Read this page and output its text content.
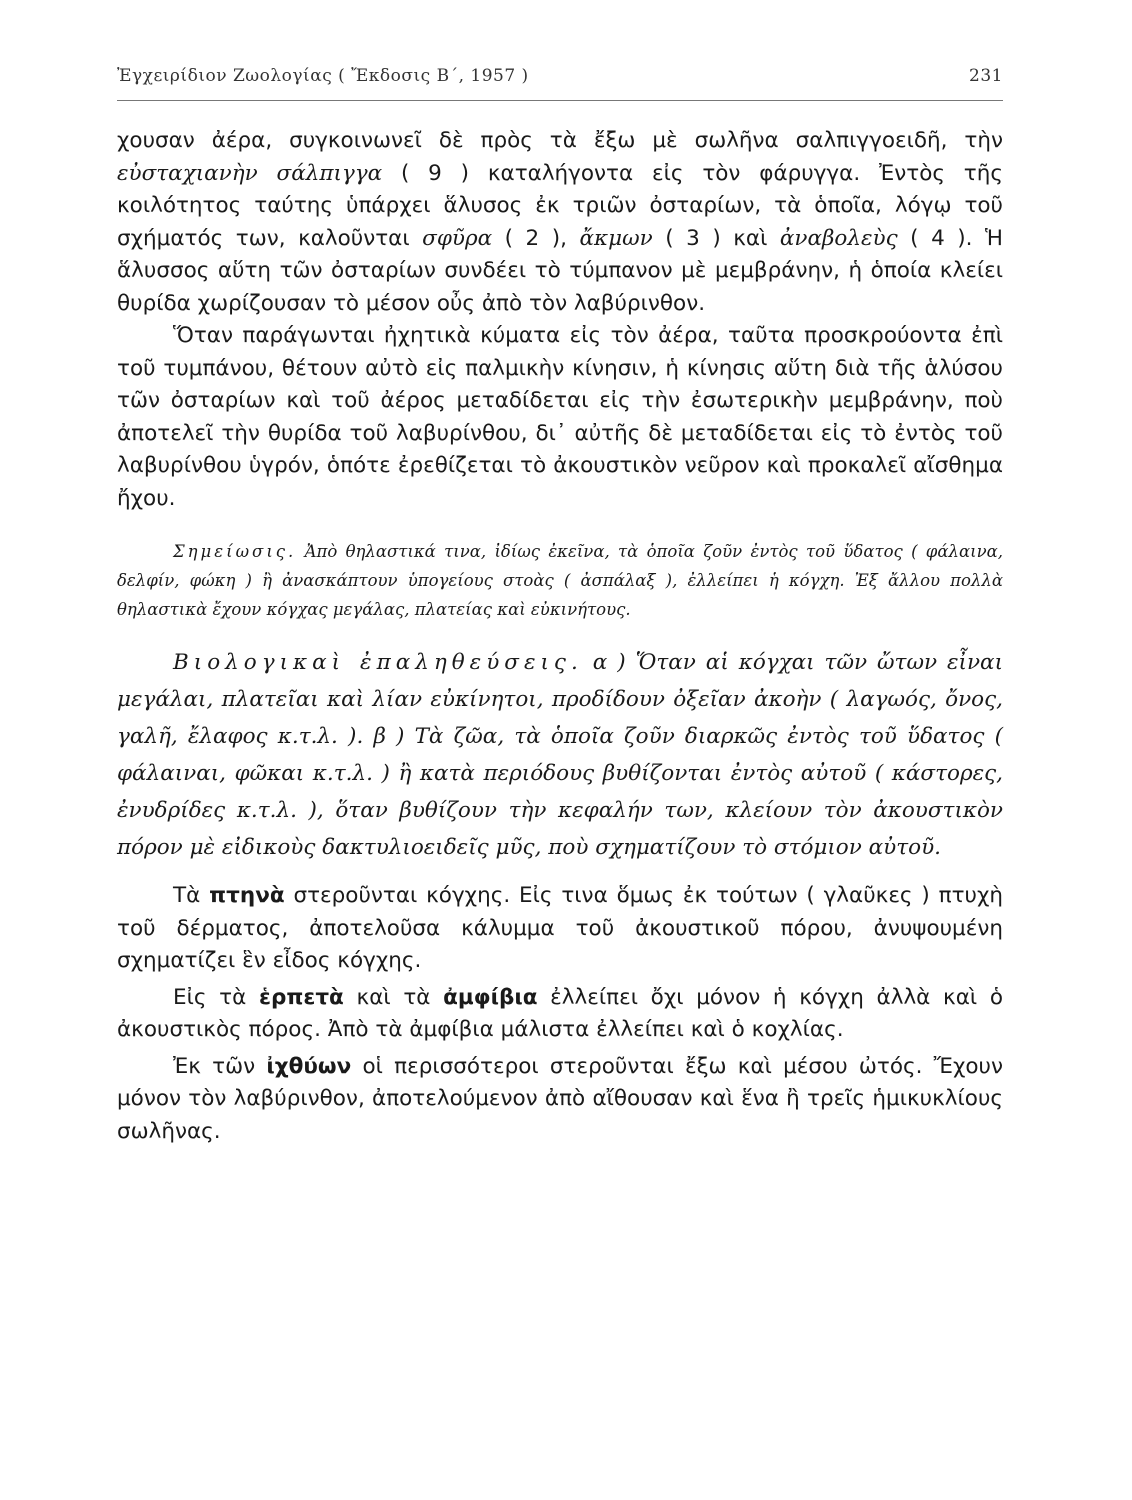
Ἐγχειρίδιον Ζωολογίας ( Ἔκδοσις Β΄, 1957 )	231

χουσαν ἀέρα, συγκοινωνεῖ δὲ πρὸς τὰ ἔξω μὲ σωλῆνα σαλπιγγοειδῆ, τὴν εὐσταχιανὴν σάλπιγγα ( 9 ) καταλήγοντα εἰς τὸν φάρυγγα. Ἐντὸς τῆς κοιλότητος ταύτης ὑπάρχει ἅλυσος ἐκ τριῶν ὀσταρίων, τὰ ὁποῖα, λόγῳ τοῦ σχήματός των, καλοῦνται σφῦρα ( 2 ), ἄκμων ( 3 ) καὶ ἀναβολεὺς ( 4 ). Ἡ ἅλυσσος αὕτη τῶν ὀσταρίων συνδέει τὸ τύμπανον μὲ μεμβράνην, ἡ ὁποία κλείει θυρίδα χωρίζουσαν τὸ μέσον οὖς ἀπὸ τὸν λαβύρινθον.

Ὅταν παράγωνται ἠχητικὰ κύματα εἰς τὸν ἀέρα, ταῦτα προσκρούοντα ἐπὶ τοῦ τυμπάνου, θέτουν αὐτὸ εἰς παλμικὴν κίνησιν, ἡ κίνησις αὕτη διὰ τῆς ἁλύσου τῶν ὀσταρίων καὶ τοῦ ἀέρος μεταδίδεται εἰς τὴν ἐσωτερικὴν μεμβράνην, ποὺ ἀποτελεῖ τὴν θυρίδα τοῦ λαβυρίνθου, δι᾽ αὐτῆς δὲ μεταδίδεται εἰς τὸ ἐντὸς τοῦ λαβυρίνθου ὑγρόν, ὁπότε ἐρεθίζεται τὸ ἀκουστικὸν νεῦρον καὶ προκαλεῖ αἴσθημα ἤχου.

Σημείωσις. Ἀπὸ θηλαστικά τινα, ἰδίως ἐκεῖνα, τὰ ὁποῖα ζοῦν ἐντὸς τοῦ ὕδατος ( φάλαινα, δελφίν, φώκη ) ἢ ἀνασκάπτουν ὑπογείους στοὰς ( ἀσπάλαξ ), ἐλλείπει ἡ κόγχη. Ἐξ ἄλλου πολλὰ θηλαστικὰ ἔχουν κόγχας μεγάλας, πλατείας καὶ εὐκινήτους.

Βιολογικαὶ ἐπαληθεύσεις. α ) Ὅταν αἱ κόγχαι τῶν ὤτων εἶναι μεγάλαι, πλατεῖαι καὶ λίαν εὐκίνητοι, προδίδουν ὀξεῖαν ἀκοὴν ( λαγωός, ὄνος, γαλῆ, ἔλαφος κ.τ.λ. ). β ) Τὰ ζῶα, τὰ ὁποῖα ζοῦν διαρκῶς ἐντὸς τοῦ ὕδατος ( φάλαιναι, φῶκαι κ.τ.λ. ) ἢ κατὰ περιόδους βυθίζονται ἐντὸς αὐτοῦ ( κάστορες, ἐνυδρίδες κ.τ.λ. ), ὅταν βυθίζουν τὴν κεφαλήν των, κλείουν τὸν ἀκουστικὸν πόρον μὲ εἰδικοὺς δακτυλιοειδεῖς μῦς, ποὺ σχηματίζουν τὸ στόμιον αὐτοῦ.

Τὰ πτηνὰ στεροῦνται κόγχης. Εἰς τινα ὅμως ἐκ τούτων ( γλαῦκες ) πτυχὴ τοῦ δέρματος, ἀποτελοῦσα κάλυμμα τοῦ ἀκουστικοῦ πόρου, ἀνυψουμένη σχηματίζει ἓν εἶδος κόγχης.

Εἰς τὰ ἑρπετὰ καὶ τὰ ἀμφίβια ἐλλείπει ὄχι μόνον ἡ κόγχη ἀλλὰ καὶ ὁ ἀκουστικὸς πόρος. Ἀπὸ τὰ ἀμφίβια μάλιστα ἐλλείπει καὶ ὁ κοχλίας.

Ἐκ τῶν ἰχθύων οἱ περισσότεροι στεροῦνται ἔξω καὶ μέσου ὠτός. Ἔχουν μόνον τὸν λαβύρινθον, ἀποτελούμενον ἀπὸ αἴθουσαν καὶ ἕνα ἢ τρεῖς ἡμικυκλίους σωλῆνας.
